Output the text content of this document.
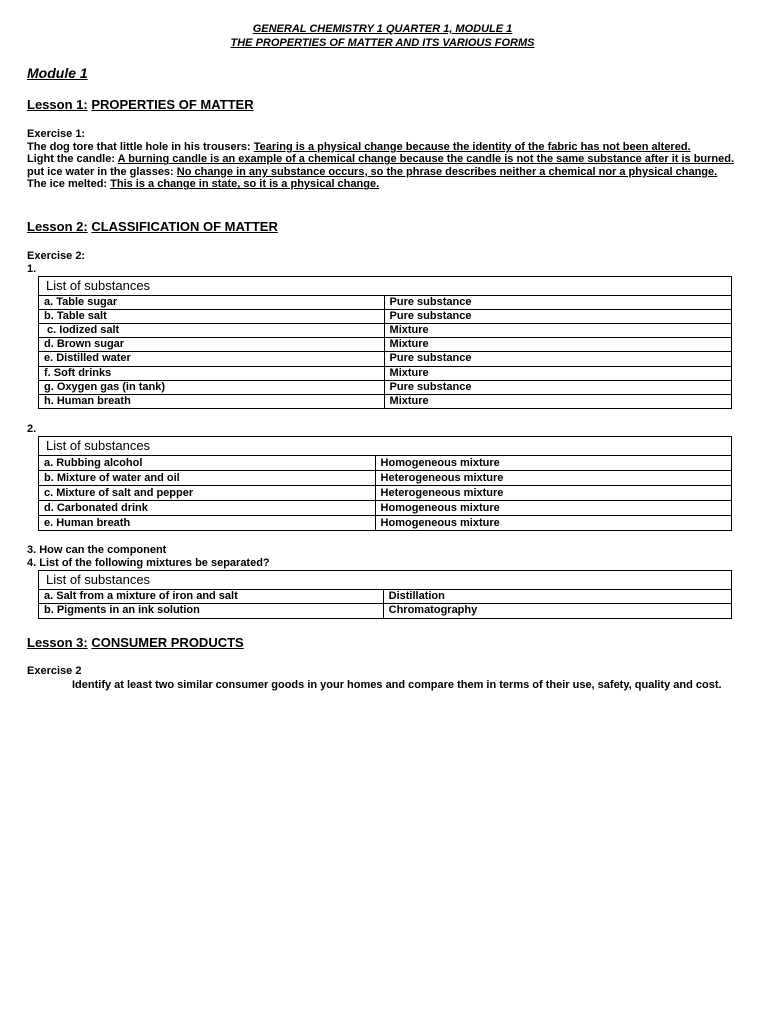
GENERAL CHEMISTRY 1 QUARTER 1, MODULE 1
THE PROPERTIES OF MATTER AND ITS VARIOUS FORMS
Module 1
Lesson 1: PROPERTIES OF MATTER
Exercise 1:
The dog tore that little hole in his trousers: Tearing is a physical change because the identity of the fabric has not been altered.
Light the candle: A burning candle is an example of a chemical change because the candle is not the same substance after it is burned.
put ice water in the glasses: No change in any substance occurs, so the phrase describes neither a chemical nor a physical change.
The ice melted: This is a change in state, so it is a physical change.
Lesson 2: CLASSIFICATION OF MATTER
Exercise 2:
1.
List of substances	
a. Table sugar	Pure substance
b. Table salt	Pure substance
c. Iodized salt	Mixture
d. Brown sugar	Mixture
e. Distilled water	Pure substance
f. Soft drinks	Mixture
g. Oxygen gas (in tank)	Pure substance
h. Human breath	Mixture
2.
List of substances	
a. Rubbing alcohol	Homogeneous mixture
b. Mixture of water and oil	Heterogeneous mixture
c. Mixture of salt and pepper	Heterogeneous mixture
d. Carbonated drink	Homogeneous mixture
e. Human breath	Homogeneous mixture
3. How can the component
4. List of the following mixtures be separated?
List of substances	
a. Salt from a mixture of iron and salt	Distillation
b. Pigments in an ink solution	Chromatography
Lesson 3: CONSUMER PRODUCTS
Exercise 2
Identify at least two similar consumer goods in your homes and compare them in terms of their use, safety, quality and cost.
